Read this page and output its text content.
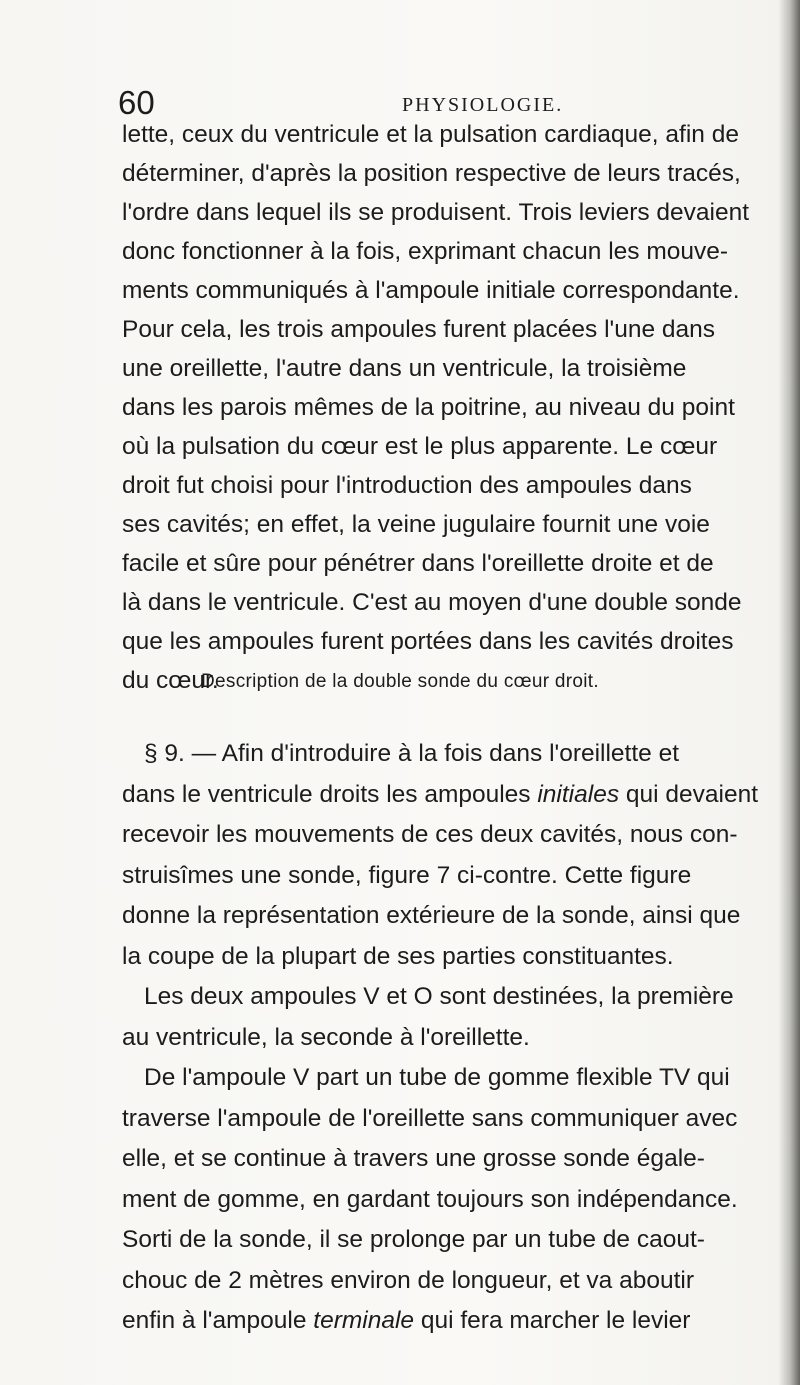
60	PHYSIOLOGIE.
lette, ceux du ventricule et la pulsation cardiaque, afin de
déterminer, d'après la position respective de leurs tracés,
l'ordre dans lequel ils se produisent. Trois leviers devaient
donc fonctionner à la fois, exprimant chacun les mouve-
ments communiqués à l'ampoule initiale correspondante.
Pour cela, les trois ampoules furent placées l'une dans
une oreillette, l'autre dans un ventricule, la troisième
dans les parois mêmes de la poitrine, au niveau du point
où la pulsation du cœur est le plus apparente. Le cœur
droit fut choisi pour l'introduction des ampoules dans
ses cavités; en effet, la veine jugulaire fournit une voie
facile et sûre pour pénétrer dans l'oreillette droite et de
là dans le ventricule. C'est au moyen d'une double sonde
que les ampoules furent portées dans les cavités droites
du cœur.
Description de la double sonde du cœur droit.
§ 9. — Afin d'introduire à la fois dans l'oreillette et
dans le ventricule droits les ampoules initiales qui devaient
recevoir les mouvements de ces deux cavités, nous con-
struisîmes une sonde, figure 7 ci-contre. Cette figure
donne la représentation extérieure de la sonde, ainsi que
la coupe de la plupart de ses parties constituantes.
Les deux ampoules V et O sont destinées, la première
au ventricule, la seconde à l'oreillette.
De l'ampoule V part un tube de gomme flexible TV qui
traverse l'ampoule de l'oreillette sans communiquer avec
elle, et se continue à travers une grosse sonde égale-
ment de gomme, en gardant toujours son indépendance.
Sorti de la sonde, il se prolonge par un tube de caout-
chouc de 2 mètres environ de longueur, et va aboutir
enfin à l'ampoule terminale qui fera marcher le levier
